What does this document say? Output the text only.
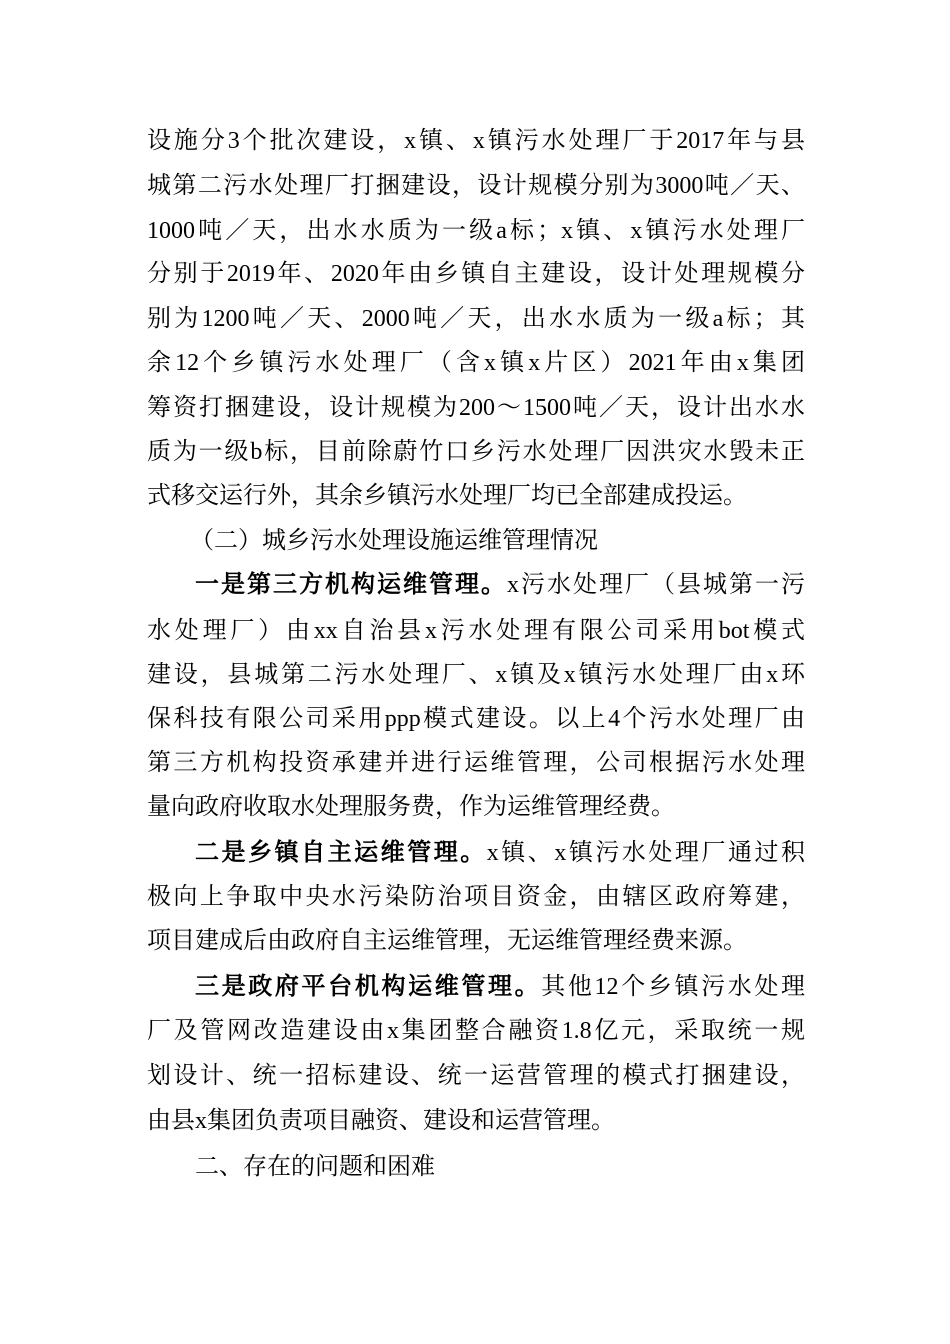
设施分3个批次建设，x镇、x镇污水处理厂于2017年与县
城第二污水处理厂打捆建设，设计规模分别为3000吨／天、
1000吨／天，出水水质为一级a标；x镇、x镇污水处理厂
分别于2019年、2020年由乡镇自主建设，设计处理规模分
别为1200吨／天、2000吨／天，出水水质为一级a标；其
余12个乡镇污水处理厂（含x镇x片区）2021年由x集团
筹资打捆建设，设计规模为200～1500吨／天，设计出水水
质为一级b标，目前除蔚竹口乡污水处理厂因洪灾水毁未正
式移交运行外，其余乡镇污水处理厂均已全部建成投运。
（二）城乡污水处理设施运维管理情况
一是第三方机构运维管理。x污水处理厂（县城第一污
水处理厂）由xx自治县x污水处理有限公司采用bot模式
建设，县城第二污水处理厂、x镇及x镇污水处理厂由x环
保科技有限公司采用ppp模式建设。以上4个污水处理厂由
第三方机构投资承建并进行运维管理，公司根据污水处理
量向政府收取水处理服务费，作为运维管理经费。
二是乡镇自主运维管理。x镇、x镇污水处理厂通过积
极向上争取中央水污染防治项目资金，由辖区政府筹建，
项目建成后由政府自主运维管理，无运维管理经费来源。
三是政府平台机构运维管理。其他12个乡镇污水处理
厂及管网改造建设由x集团整合融资1.8亿元，采取统一规
划设计、统一招标建设、统一运营管理的模式打捆建设，
由县x集团负责项目融资、建设和运营管理。
二、存在的问题和困难
